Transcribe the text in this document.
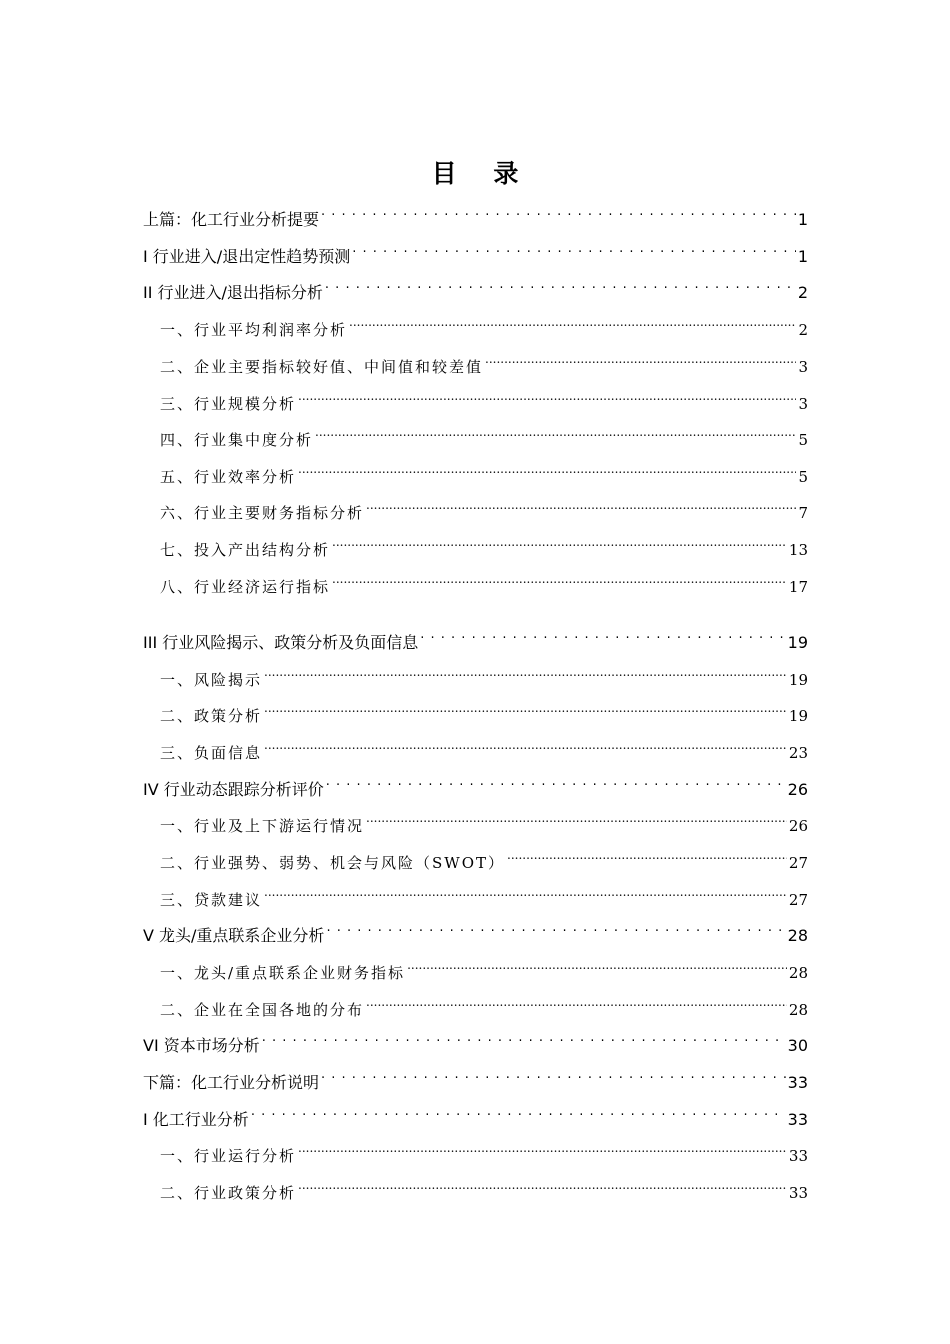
目 录
上篇：化工行业分析提要 . . .	1
I 行业进入/退出定性趋势预测 . . .	1
II 行业进入/退出指标分析 . . .	2
一、行业平均利润率分析 .....	2
二、企业主要指标较好值、中间值和较差值 .....	3
三、行业规模分析 .....	3
四、行业集中度分析 .....	5
五、行业效率分析 .....	5
六、行业主要财务指标分析 .....	7
七、投入产出结构分析 .....	13
八、行业经济运行指标 .....	17
III 行业风险揭示、政策分析及负面信息 . . .	19
一、风险揭示 .....	19
二、政策分析 .....	19
三、负面信息 .....	23
IV 行业动态跟踪分析评价 . . .	26
一、行业及上下游运行情况 .....	26
二、行业强势、弱势、机会与风险（SWOT） .....	27
三、贷款建议 .....	27
V 龙头/重点联系企业分析 . . .	28
一、龙头/重点联系企业财务指标 .....	28
二、企业在全国各地的分布 .....	28
VI 资本市场分析 . . .	30
下篇：化工行业分析说明 . . .	33
I 化工行业分析 . . .	33
一、行业运行分析 .....	33
二、行业政策分析 .....	33
